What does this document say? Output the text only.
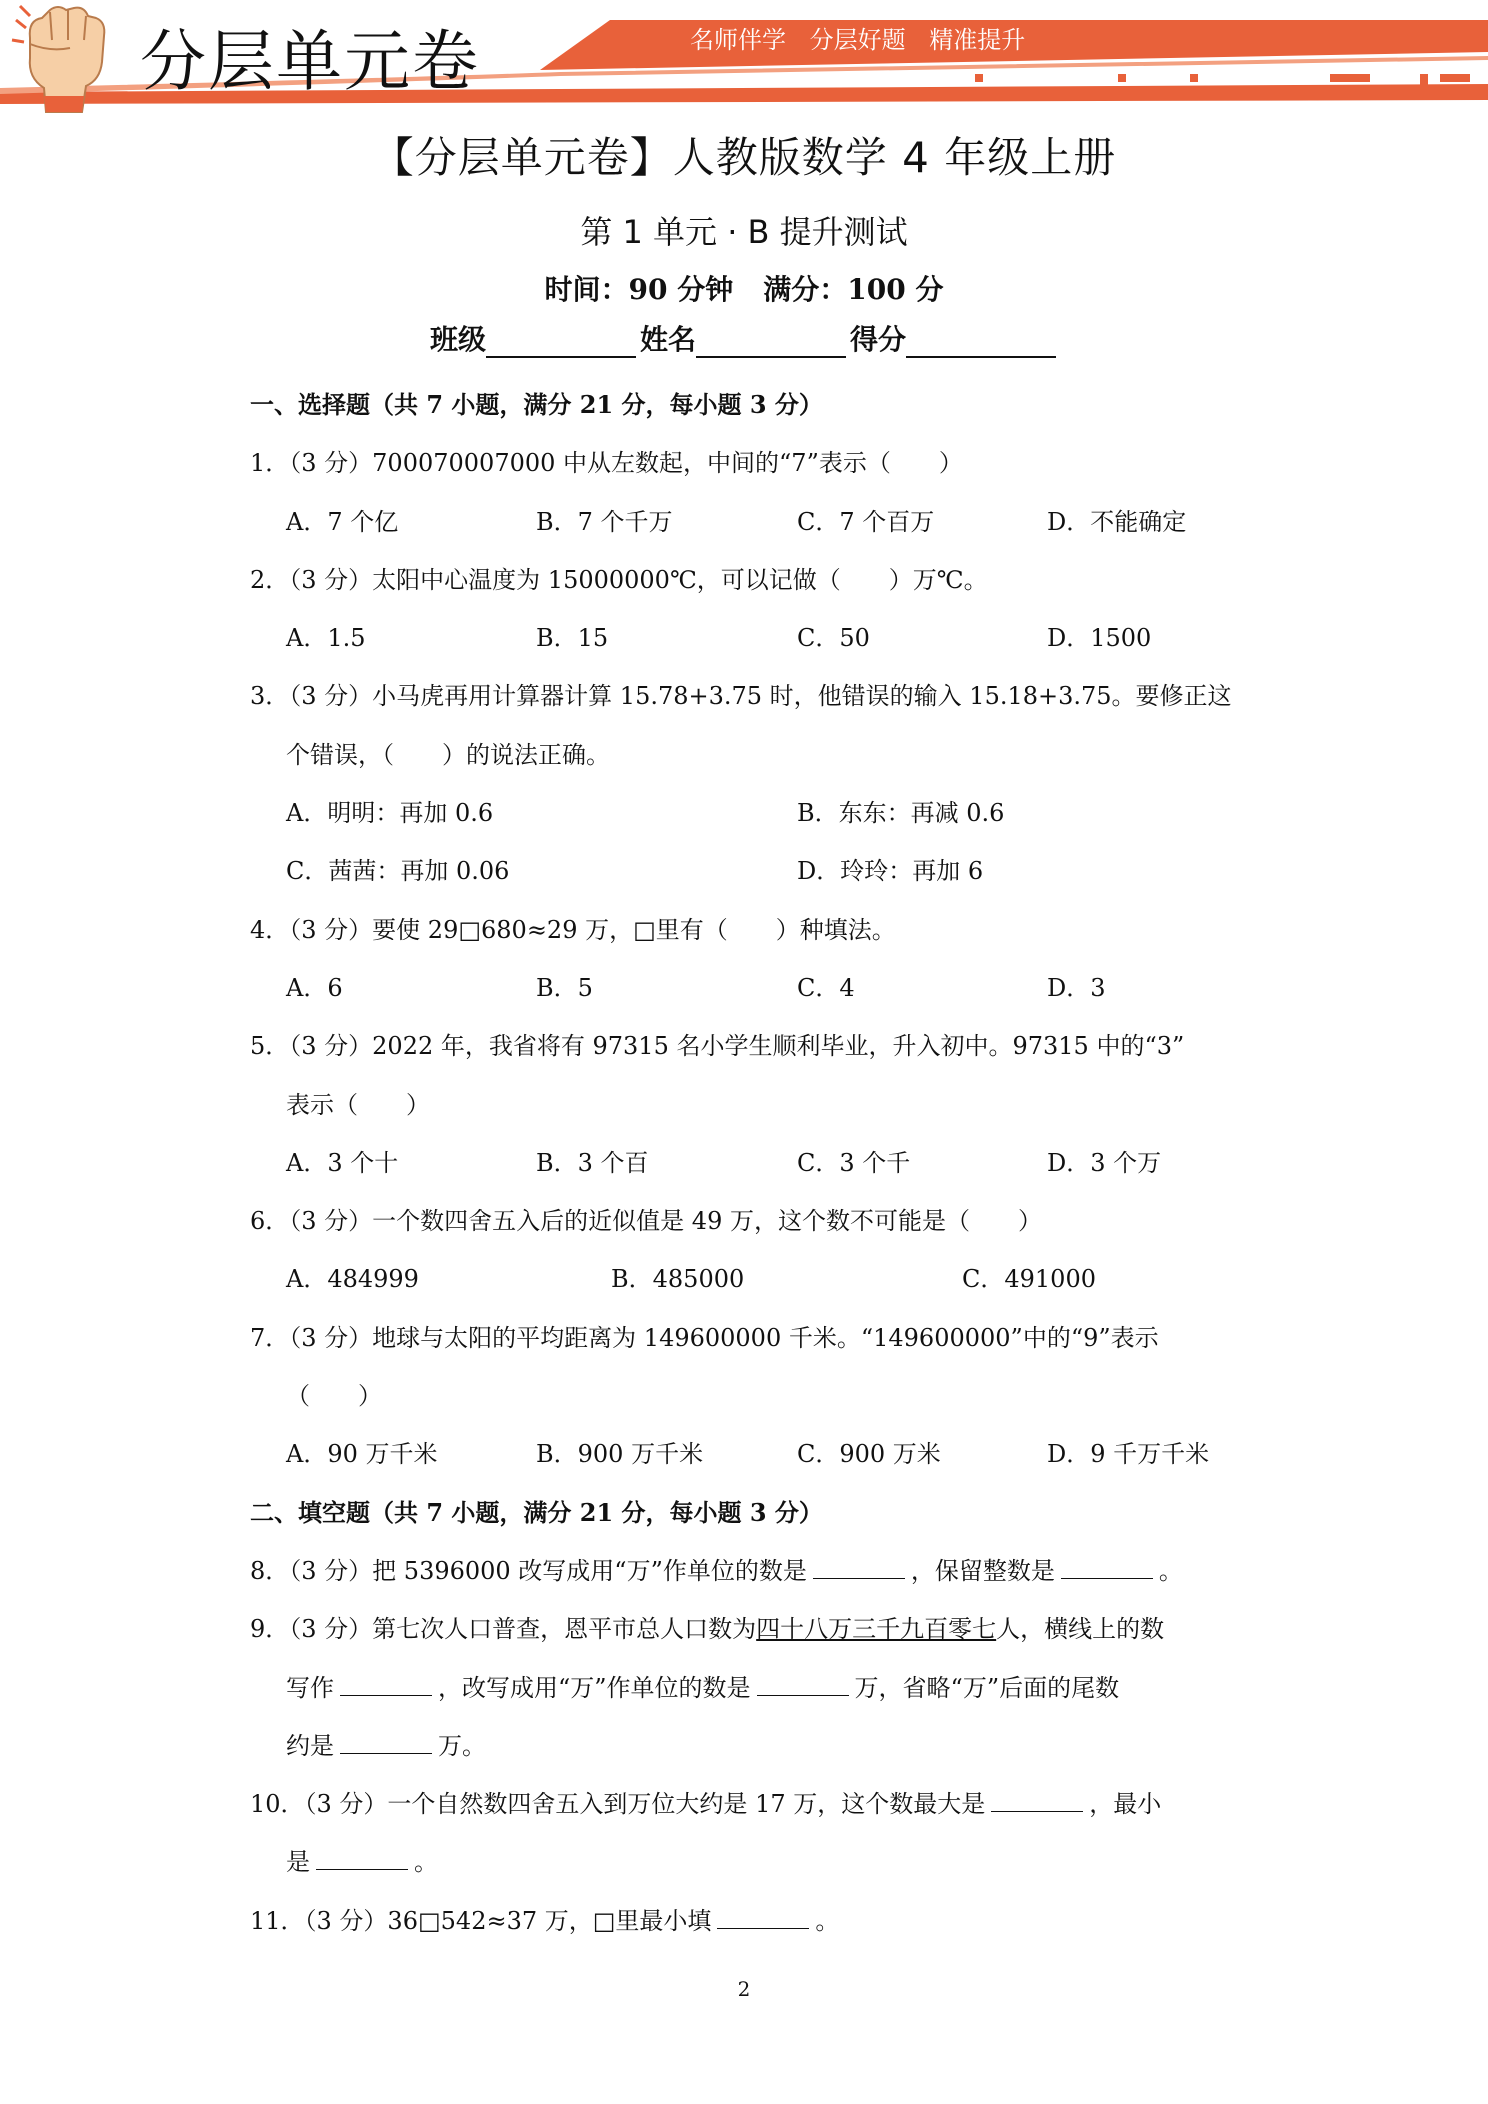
分层单元卷	名师伴学 分层好题 精准提升
【分层单元卷】人教版数学 4 年级上册
第 1 单元 · B 提升测试
时间：90 分钟 满分：100 分
班级	姓名	得分
一、选择题（共 7 小题，满分 21 分，每小题 3 分）
1．（3 分）700070007000 中从左数起，中间的“7”表示（　　）
A．7 个亿	B．7 个千万	C．7 个百万	D．不能确定
2．（3 分）太阳中心温度为 15000000℃，可以记做（　　）万℃。
A．1.5	B．15	C．50	D．1500
3．（3 分）小马虎再用计算器计算 15.78+3.75 时，他错误的输入 15.18+3.75。要修正这
个错误，（　　）的说法正确。
A．明明：再加 0.6	B．东东：再减 0.6
C．茜茜：再加 0.06	D．玲玲：再加 6
4．（3 分）要使 29□680≈29 万，□里有（　　）种填法。
A．6	B．5	C．4	D．3
5．（3 分）2022 年，我省将有 97315 名小学生顺利毕业，升入初中。97315 中的“3”
表示（　　）
A．3 个十	B．3 个百	C．3 个千	D．3 个万
6．（3 分）一个数四舍五入后的近似值是 49 万，这个数不可能是（　　）
A．484999	B．485000	C．491000
7．（3 分）地球与太阳的平均距离为 149600000 千米。“149600000”中的“9”表示
（　　）
A．90 万千米	B．900 万千米	C．900 万米	D．9 千万千米
二、填空题（共 7 小题，满分 21 分，每小题 3 分）
8．（3 分）把 5396000 改写成用“万”作单位的数是	，保留整数是	。
9．（3 分）第七次人口普查，恩平市总人口数为四十八万三千九百零七人，横线上的数
写作	，改写成用“万”作单位的数是	万，省略“万”后面的尾数
约是	万。
10．（3 分）一个自然数四舍五入到万位大约是 17 万，这个数最大是	，最小
是	。
11．（3 分）36□542≈37 万，□里最小填	。
2
